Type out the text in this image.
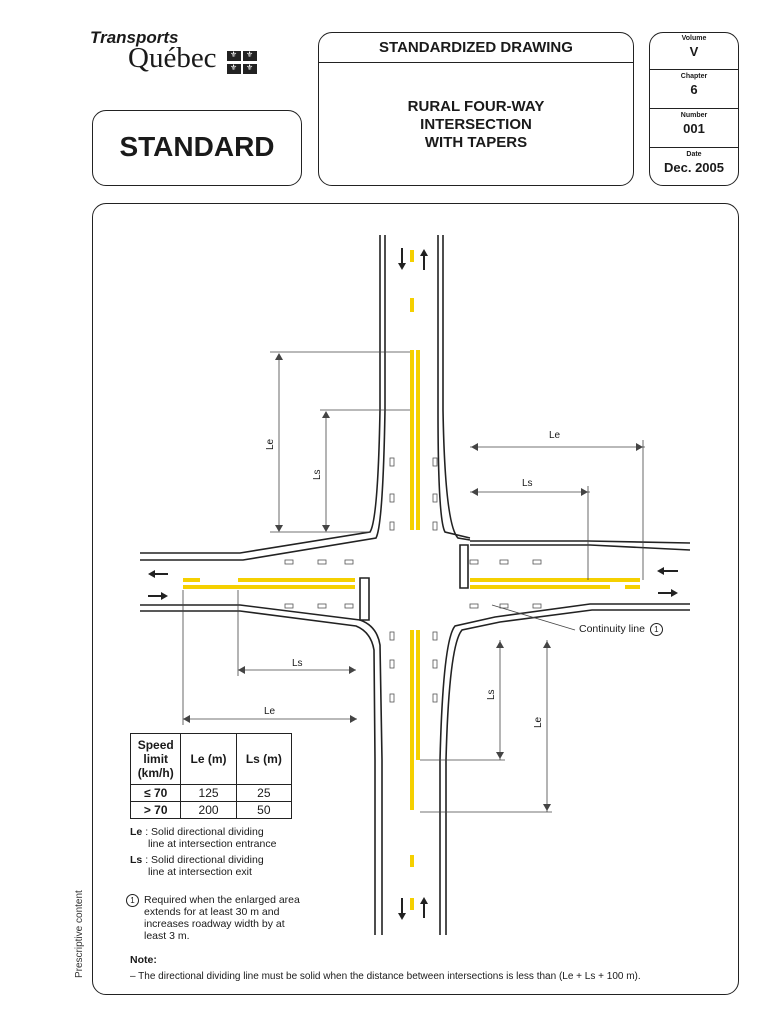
Transports
Québec ⚜⚜
⚜⚜
STANDARD
STANDARDIZED DRAWING
RURAL FOUR-WAY
INTERSECTION
WITH TAPERS
Volume
V
Chapter
6
Number
001
Date
Dec. 2005
Le
Ls
Le
Ls
Ls
Le
Ls
Le
Continuity line 1
Speed
limit
(km/h)	Le (m)	Ls (m)
≤ 70	125	25
> 70	200	50
Le : Solid directional dividing
line at intersection entrance
Ls : Solid directional dividing
line at intersection exit
1 Required when the enlarged area
extends for at least 30 m and
increases roadway width by at
least 3 m.
Note:
– The directional dividing line must be solid when the distance between intersections is less than (Le + Ls + 100 m).
Prescriptive content
